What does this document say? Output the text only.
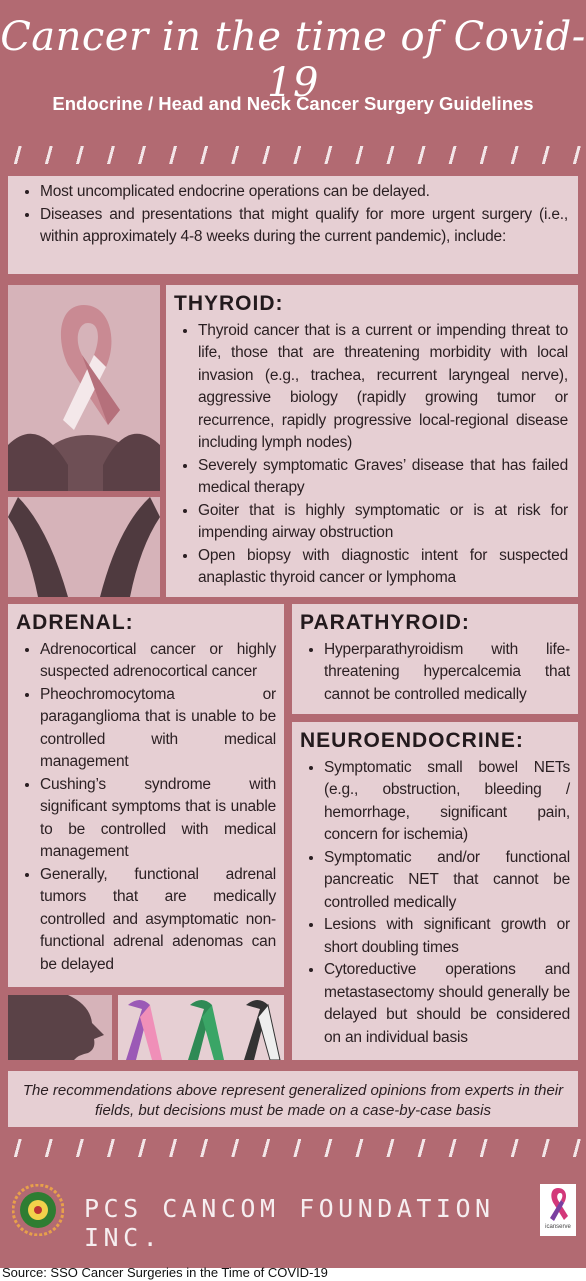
Cancer in the time of Covid-19
Endocrine / Head and Neck Cancer Surgery Guidelines
• Most uncomplicated endocrine operations can be delayed.
• Diseases and presentations that might qualify for more urgent surgery (i.e., within approximately 4-8 weeks during the current pandemic), include:
THYROID:
• Thyroid cancer that is a current or impending threat to life, those that are threatening morbidity with local invasion (e.g., trachea, recurrent laryngeal nerve), aggressive biology (rapidly growing tumor or recurrence, rapidly progressive local-regional disease including lymph nodes)
• Severely symptomatic Graves’ disease that has failed medical therapy
• Goiter that is highly symptomatic or is at risk for impending airway obstruction
• Open biopsy with diagnostic intent for suspected anaplastic thyroid cancer or lymphoma
ADRENAL:
• Adrenocortical cancer or highly suspected adrenocortical cancer
• Pheochromocytoma or paraganglioma that is unable to be controlled with medical management
• Cushing’s syndrome with significant symptoms that is unable to be controlled with medical management
• Generally, functional adrenal tumors that are medically controlled and asymptomatic non-functional adrenal adenomas can be delayed
PARATHYROID:
• Hyperparathyroidism with life-threatening hypercalcemia that cannot be controlled medically
NEUROENDOCRINE:
• Symptomatic small bowel NETs (e.g., obstruction, bleeding / hemorrhage, significant pain, concern for ischemia)
• Symptomatic and/or functional pancreatic NET that cannot be controlled medically
• Lesions with significant growth or short doubling times
• Cytoreductive operations and metastasectomy should generally be delayed but should be considered on an individual basis
The recommendations above represent generalized opinions from experts in their fields, but decisions must be made on a case-by-case basis
PCS CANCOM FOUNDATION INC.	icanserve
Source: SSO Cancer Surgeries in the Time of COVID-19
